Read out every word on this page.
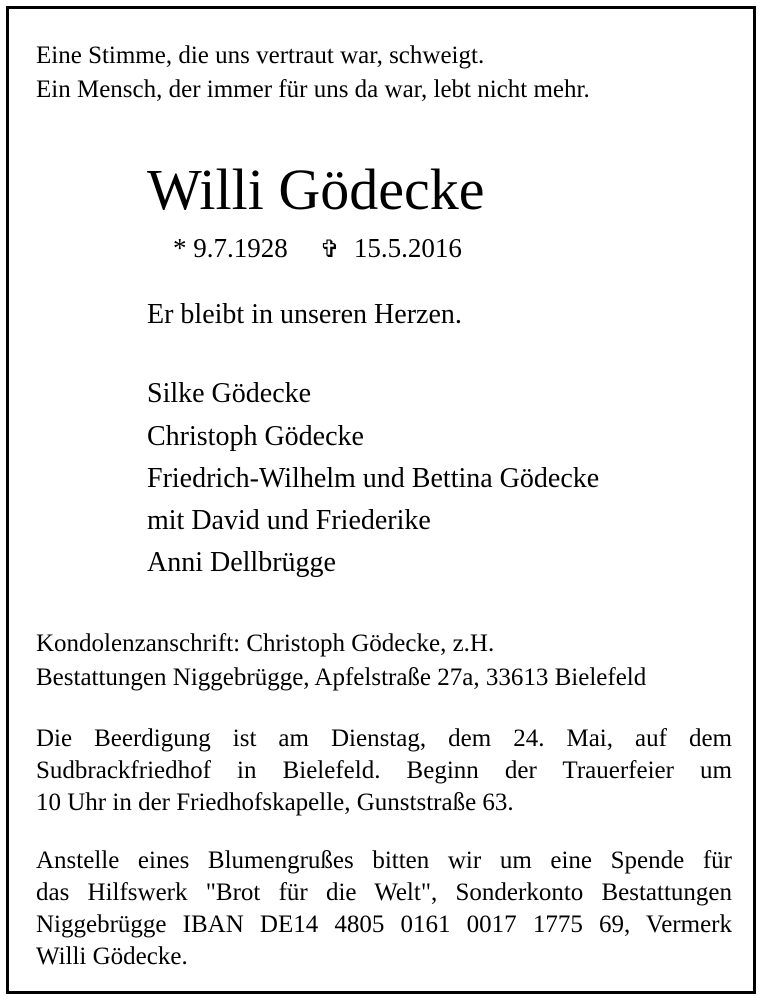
Eine Stimme, die uns vertraut war, schweigt.
Ein Mensch, der immer für uns da war, lebt nicht mehr.
Willi Gödecke
* 9.7.1928 ✞ 15.5.2016
Er bleibt in unseren Herzen.
Silke Gödecke
Christoph Gödecke
Friedrich-Wilhelm und Bettina Gödecke
mit David und Friederike
Anni Dellbrügge
Kondolenzanschrift: Christoph Gödecke, z.H.
Bestattungen Niggebrügge, Apfelstraße 27a, 33613 Bielefeld
Die Beerdigung ist am Dienstag, dem 24. Mai, auf dem
Sudbrackfriedhof in Bielefeld. Beginn der Trauerfeier um
10 Uhr in der Friedhofskapelle, Gunststraße 63.
Anstelle eines Blumengrußes bitten wir um eine Spende für
das Hilfswerk "Brot für die Welt", Sonderkonto Bestattungen
Niggebrügge IBAN DE14 4805 0161 0017 1775 69, Vermerk
Willi Gödecke.
